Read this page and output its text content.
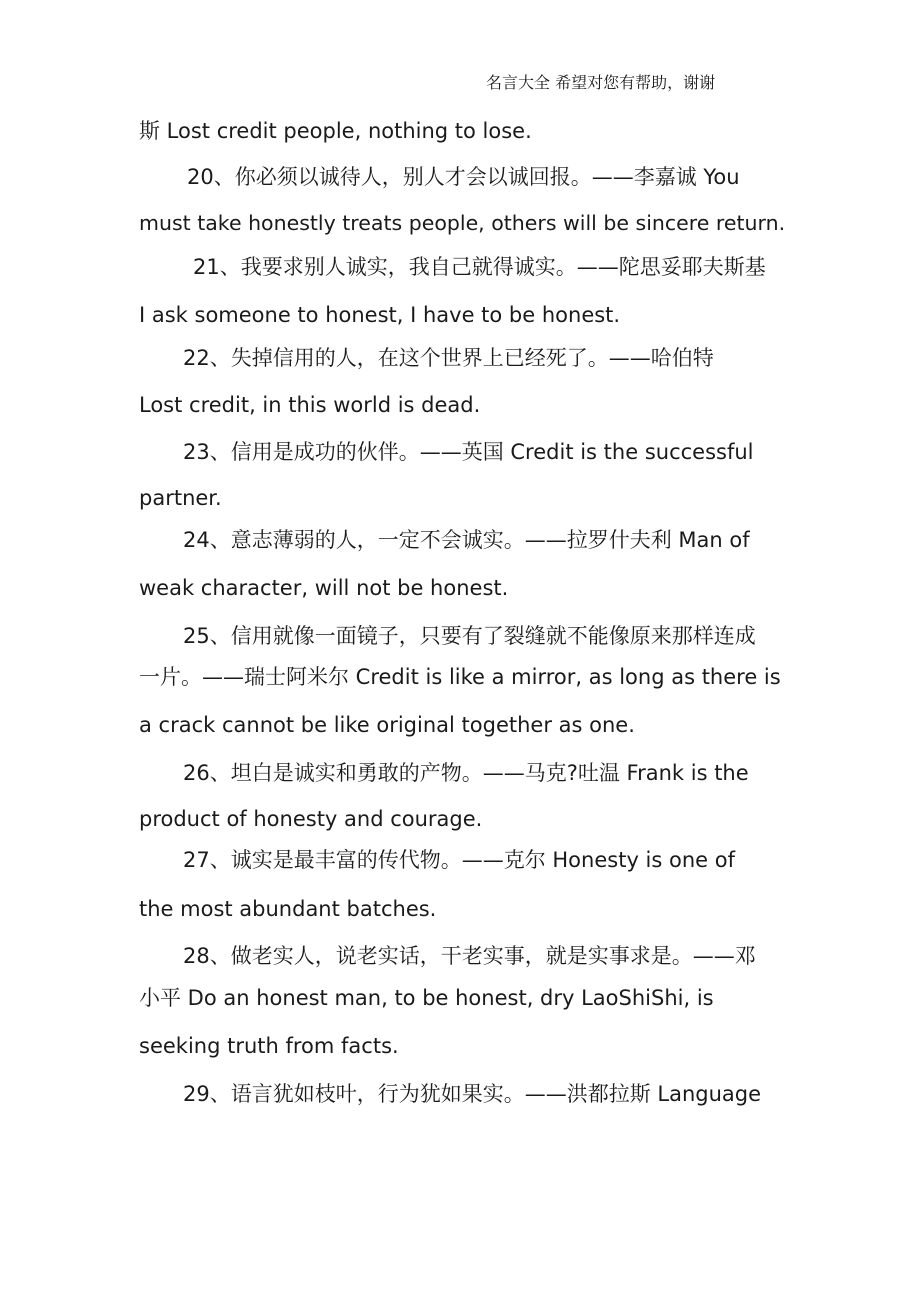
名言大全 希望对您有帮助，谢谢
斯 Lost credit people, nothing to lose.
20、你必须以诚待人，别人才会以诚回报。——李嘉诚 You
must take honestly treats people, others will be sincere return.
21、我要求别人诚实，我自己就得诚实。——陀思妥耶夫斯基
I ask someone to honest, I have to be honest.
22、失掉信用的人，在这个世界上已经死了。——哈伯特
Lost credit, in this world is dead.
23、信用是成功的伙伴。——英国 Credit is the successful
partner.
24、意志薄弱的人，一定不会诚实。——拉罗什夫利 Man of
weak character, will not be honest.
25、信用就像一面镜子，只要有了裂缝就不能像原来那样连成
一片。——瑞士阿米尔 Credit is like a mirror, as long as there is
a crack cannot be like original together as one.
26、坦白是诚实和勇敢的产物。——马克?吐温 Frank is the
product of honesty and courage.
27、诚实是最丰富的传代物。——克尔 Honesty is one of
the most abundant batches.
28、做老实人，说老实话，干老实事，就是实事求是。——邓
小平 Do an honest man, to be honest, dry LaoShiShi, is
seeking truth from facts.
29、语言犹如枝叶，行为犹如果实。——洪都拉斯 Language
